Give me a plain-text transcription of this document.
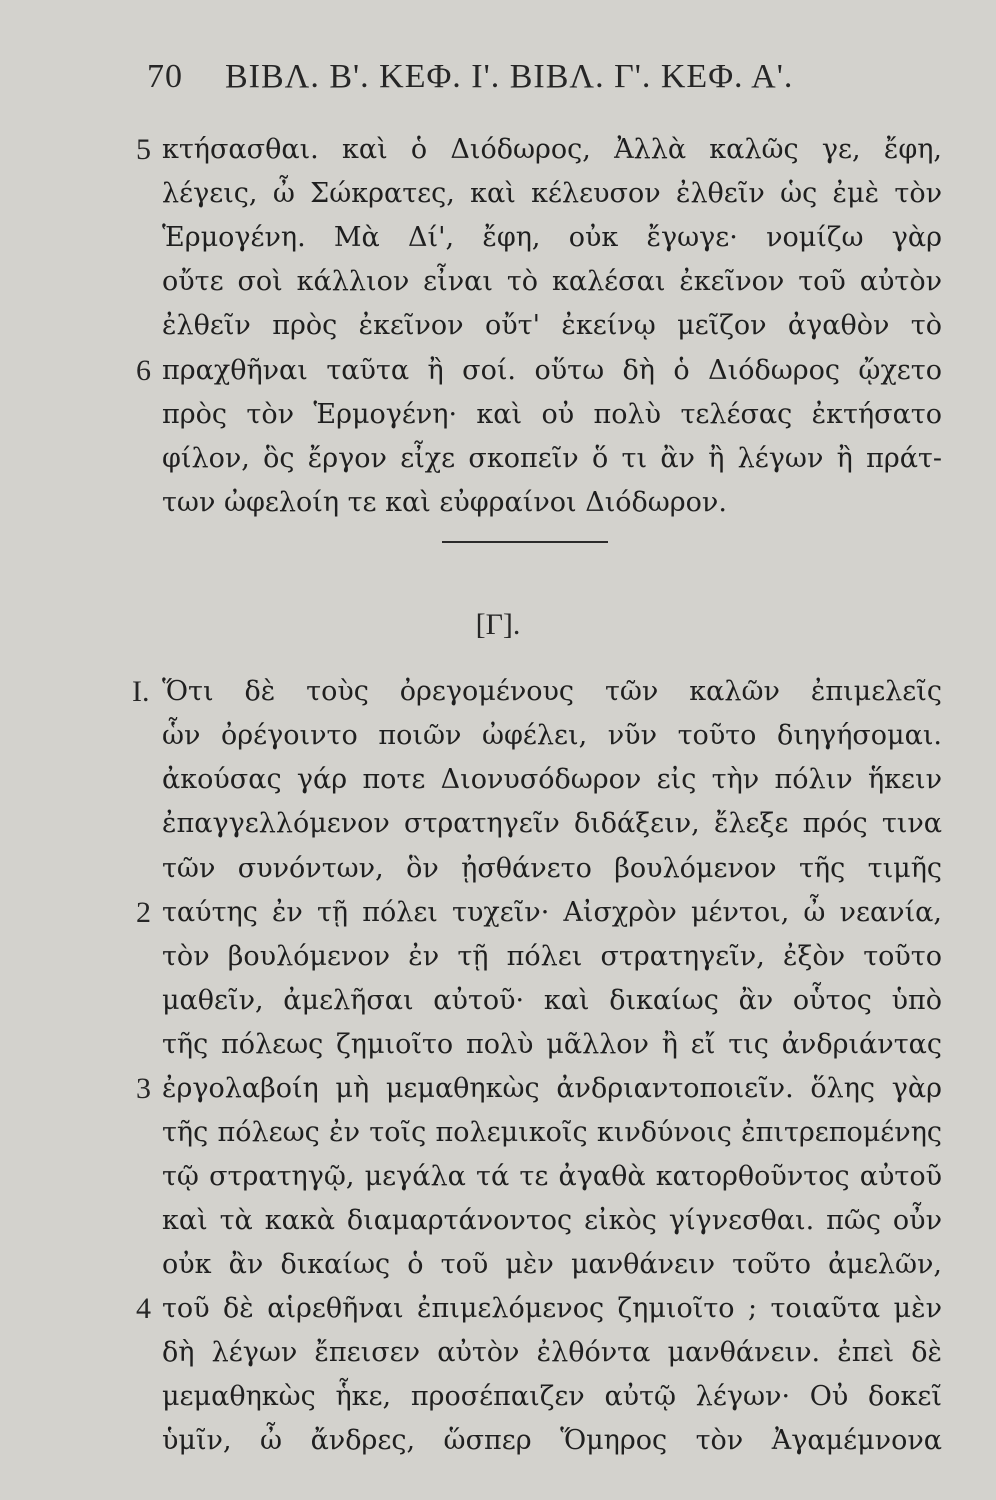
70 ΒΙΒΛ. Β'. ΚΕΦ. Ι'. ΒΙΒΛ. Γ'. ΚΕΦ. Α'.
5
6
I.
2
3
4
κτήσασθαι. καὶ ὁ Διόδωρος, Ἀλλὰ καλῶς γε, ἔφη,
λέγεις, ὦ Σώκρατες, καὶ κέλευσον ἐλθεῖν ὡς ἐμὲ τὸν
Ἑρμογένη. Μὰ Δί', ἔφη, οὐκ ἔγωγε· νομίζω γὰρ
οὔτε σοὶ κάλλιον εἶναι τὸ καλέσαι ἐκεῖνον τοῦ αὐτὸν
ἐλθεῖν πρὸς ἐκεῖνον οὔτ' ἐκείνῳ μεῖζον ἀγαθὸν τὸ
πραχθῆναι ταῦτα ἢ σοί. οὕτω δὴ ὁ Διόδωρος ᾤχετο
πρὸς τὸν Ἑρμογένη· καὶ οὐ πολὺ τελέσας ἐκτήσατο
φίλον, ὃς ἔργον εἶχε σκοπεῖν ὅ τι ἂν ἢ λέγων ἢ πράτ-
των ὠφελοίη τε καὶ εὐφραίνοι Διόδωρον.
[Γ].
Ὅτι δὲ τοὺς ὀρεγομένους τῶν καλῶν ἐπιμελεῖς
ὧν ὀρέγοιντο ποιῶν ὠφέλει, νῦν τοῦτο διηγήσομαι.
ἀκούσας γάρ ποτε Διονυσόδωρον εἰς τὴν πόλιν ἥκειν
ἐπαγγελλόμενον στρατηγεῖν διδάξειν, ἔλεξε πρός τινα
τῶν συνόντων, ὃν ᾐσθάνετο βουλόμενον τῆς τιμῆς
ταύτης ἐν τῇ πόλει τυχεῖν· Αἰσχρὸν μέντοι, ὦ νεανία,
τὸν βουλόμενον ἐν τῇ πόλει στρατηγεῖν, ἐξὸν τοῦτο
μαθεῖν, ἀμελῆσαι αὐτοῦ· καὶ δικαίως ἂν οὗτος ὑπὸ
τῆς πόλεως ζημιοῖτο πολὺ μᾶλλον ἢ εἴ τις ἀνδριάντας
ἐργολαβοίη μὴ μεμαθηκὼς ἀνδριαντοποιεῖν. ὅλης γὰρ
τῆς πόλεως ἐν τοῖς πολεμικοῖς κινδύνοις ἐπιτρεπομένης
τῷ στρατηγῷ, μεγάλα τά τε ἀγαθὰ κατορθοῦντος αὐτοῦ
καὶ τὰ κακὰ διαμαρτάνοντος εἰκὸς γίγνεσθαι. πῶς οὖν
οὐκ ἂν δικαίως ὁ τοῦ μὲν μανθάνειν τοῦτο ἀμελῶν,
τοῦ δὲ αἱρεθῆναι ἐπιμελόμενος ζημιοῖτο ; τοιαῦτα μὲν
δὴ λέγων ἔπεισεν αὐτὸν ἐλθόντα μανθάνειν. ἐπεὶ δὲ
μεμαθηκὼς ἧκε, προσέπαιζεν αὐτῷ λέγων· Οὐ δοκεῖ
ὑμῖν, ὦ ἄνδρες, ὥσπερ Ὅμηρος τὸν Ἀγαμέμνονα
